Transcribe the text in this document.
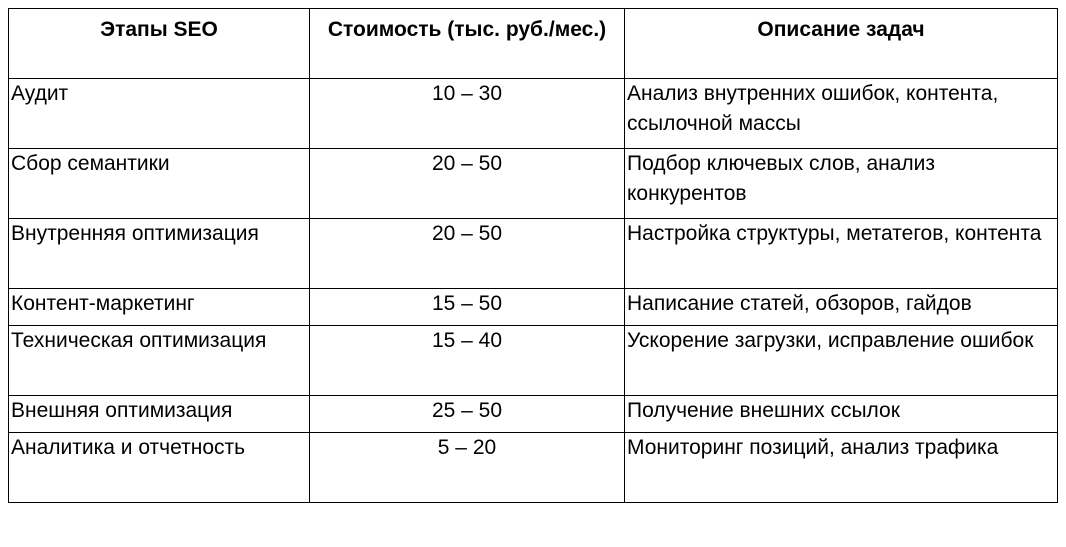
Этапы SEO	Стоимость (тыс. руб./мес.)	Описание задач
Аудит	10 – 30	Анализ внутренних ошибок, контента, ссылочной массы
Сбор семантики	20 – 50	Подбор ключевых слов, анализ конкурентов
Внутренняя оптимизация	20 – 50	Настройка структуры, метатегов, контента
Контент-маркетинг	15 – 50	Написание статей, обзоров, гайдов
Техническая оптимизация	15 – 40	Ускорение загрузки, исправление ошибок
Внешняя оптимизация	25 – 50	Получение внешних ссылок
Аналитика и отчетность	5 – 20	Мониторинг позиций, анализ трафика
